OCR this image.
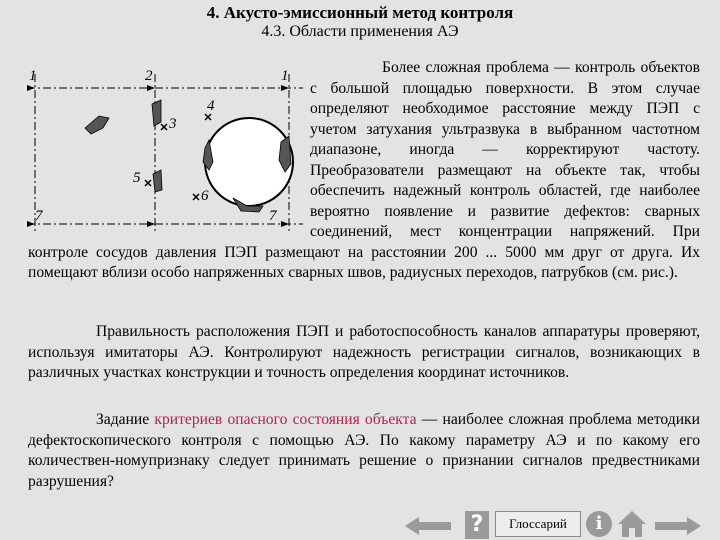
4. Акусто-эмиссионный метод контроля
4.3. Области применения АЭ
1	2	1
4
3
5
6
7	7

Более сложная проблема — контроль объектов с большой площадью поверхности. В этом случае определяют необходимое расстояние между ПЭП с учетом затухания ультразвука в выбранном частотном диапазоне, иногда — корректируют частоту. Преобразователи размещают на объекте так, чтобы обеспечить надежный контроль областей, где наиболее вероятно появление и развитие дефектов: сварных соединений, мест концентрации напряжений. При контроле сосудов давления ПЭП размещают на расстоянии 200 ... 5000 мм друг от друга. Их помещают вблизи особо напряженных сварных швов, радиусных переходов, патрубков (см. рис.).

Правильность расположения ПЭП и работоспособность каналов аппаратуры проверяют, используя имитаторы АЭ. Контролируют надежность регистрации сигналов, возникающих в различных участках конструкции и точность определения координат источников.

Задание критериев опасного состояния объекта — наиболее сложная проблема методики дефектоскопического контроля с помощью АЭ. По какому параметру АЭ и по какому его количествен-номупризнаку следует принимать решение о признании сигналов предвестниками разрушения?

?	Глоссарий	i
